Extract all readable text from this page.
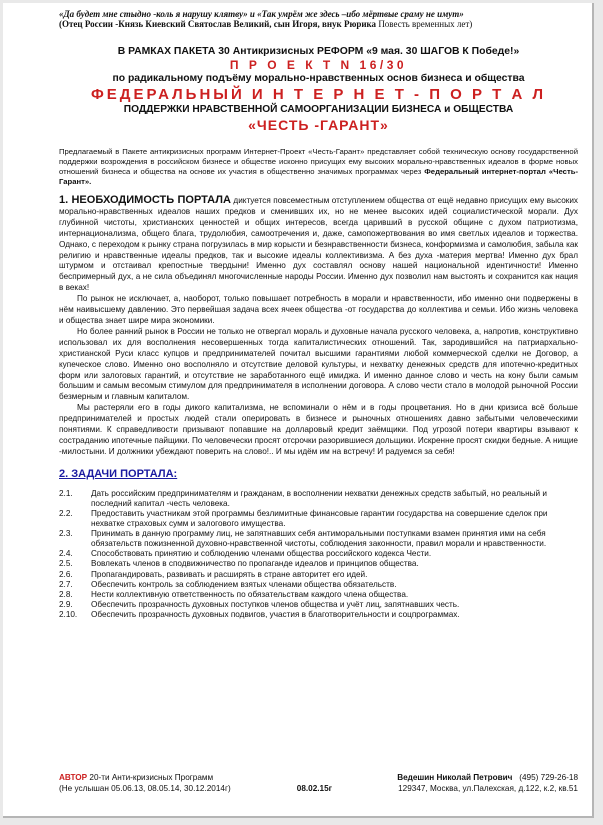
«Да будет мне стыдно -коль я нарушу клятву» и «Так умрём же здесь –ибо мёртвые сраму не имут»
(Отец России -Князь Киевский Святослав Великий, сын Игоря, внук Рюрика Повесть временных лет)
В РАМКАХ ПАКЕТА 30 Антикризисных РЕФОРМ «9 мая. 30 ШАГОВ К Победе!»
П Р О Е К Т N 16/30
по радикальному подъёму морально-нравственных основ бизнеса и общества
ФЕДЕРАЛЬНЫЙ И Н Т Е Р Н Е Т - П О Р Т А Л
ПОДДЕРЖКИ НРАВСТВЕННОЙ САМООРГАНИЗАЦИИ БИЗНЕСА и ОБЩЕСТВА
«ЧЕСТЬ -ГАРАНТ»
Предлагаемый в Пакете антикризисных программ Интернет-Проект «Честь-Гарант» представляет собой техническую основу государственной поддержки возрождения в российском бизнесе и обществе исконно присущих ему высоких морально-нравственных идеалов в форме новых отношений бизнеса и общества на основе их участия в общественно значимых программах через Федеральный интернет-портал «Честь-Гарант».

1. НЕОБХОДИМОСТЬ ПОРТАЛА диктуется повсеместным отступлением общества от ещё недавно присущих ему высоких морально-нравственных идеалов наших предков и сменивших их, но не менее высоких идей социалистической морали. Дух глубинной чистоты, христианских ценностей и общих интересов, всегда царивший в русской общине с духом патриотизма, интернационализма, общего блага, трудолюбия, самоотречения и, даже, самопожертвования во имя светлых идеалов и торжества. Однако, с переходом к рынку страна погрузилась в мир корысти и безнравственности бизнеса, конформизма и самолюбия, забыла как религию и нравственные идеалы предков, так и высокие идеалы коллективизма. А без духа -материя мертва! Именно дух брал штурмом и отстаивал крепостные твердыни! Именно дух составлял основу нашей национальной идентичности! Именно беспримерный дух, а не сила объединял многочисленные народы России. Именно дух позволил нам выстоять и сохранится как нация в веках!

По рынок не исключает, а, наоборот, только повышает потребность в морали и нравственности, ибо именно они подвержены в нём наивысшему давлению. Это первейшая задача всех ячеек общества -от государства до коллектива и семьи. Ибо жизнь человека и общества знает шире мира экономики.

Но более ранний рынок в России не только не отвергал мораль и духовные начала русского человека, а, напротив, конструктивно использовал их для восполнения несовершенных тогда капиталистических отношений. Так, зародившийся на патриархально-христианской Руси класс купцов и предпринимателей почитал высшими гарантиями любой коммерческой сделки не Договор, а купеческое слово. Именно оно восполняло и отсутствие деловой культуры, и нехватку денежных средств для ипотечно-кредитных форм или залоговых гарантий, и отсутствие не заработанного ещё имиджа. И именно данное слово и честь на кону были самым большим и самым весомым стимулом для предпринимателя в исполнении договора. А слово чести стало в молодой рыночной России безмерным и главным капиталом.

Мы растеряли его в годы дикого капитализма, не вспоминали о нём и в годы процветания. Но в дни кризиса всё больше предпринимателей и простых людей стали оперировать в бизнесе и рыночных отношениях давно забытыми человеческими понятиями. К справедливости призывают попавшие на долларовый кредит заёмщики. Под угрозой потери квартиры взывают к состраданию ипотечные пайщики. По человечески просят отсрочки разорившиеся дольщики. Искренне просят скидки бедные. А нищие -милостыни. И должники убеждают поверить на слово!.. И мы идём им на встречу! И радуемся за себя!

2. ЗАДАЧИ ПОРТАЛА:
2.1.	Дать российским предпринимателям и гражданам, в восполнении нехватки денежных средств забытый, но реальный и последний капитал -честь человека.
2.2.	Предоставить участникам этой программы безлимитные финансовые гарантии государства на совершение сделок при нехватке страховых сумм и залогового имущества.
2.3.	Принимать в данную программу лиц, не запятнавших себя антиморальными поступками взамен принятия ими на себя обязательств пожизненной духовно-нравственной чистоты, соблюдения законности, правил морали и нравственности.
2.4.	Способствовать принятию и соблюдению членами общества российского кодекса Чести.
2.5.	Вовлекать членов в сподвижничество по пропаганде идеалов и принципов общества.
2.6.	Пропагандировать, развивать и расширять в стране авторитет его идей.
2.7.	Обеспечить контроль за соблюдением взятых членами общества обязательств.
2.8.	Нести коллективную ответственность по обязательствам каждого члена общества.
2.9.	Обеспечить прозрачность духовных поступков членов общества и учёт лиц, запятнавших честь.
2.10.	Обеспечить прозрачность духовных подвигов, участия в благотворительности и соцпрограммах.
АВТОР 20-ти Анти-кризисных Программ	Ведешин Николай Петрович (495) 729-26-18
(Не услышан 05.06.13, 08.05.14, 30.12.2014г)	08.02.15г	129347, Москва, ул.Палехская, д.122, к.2, кв.51
